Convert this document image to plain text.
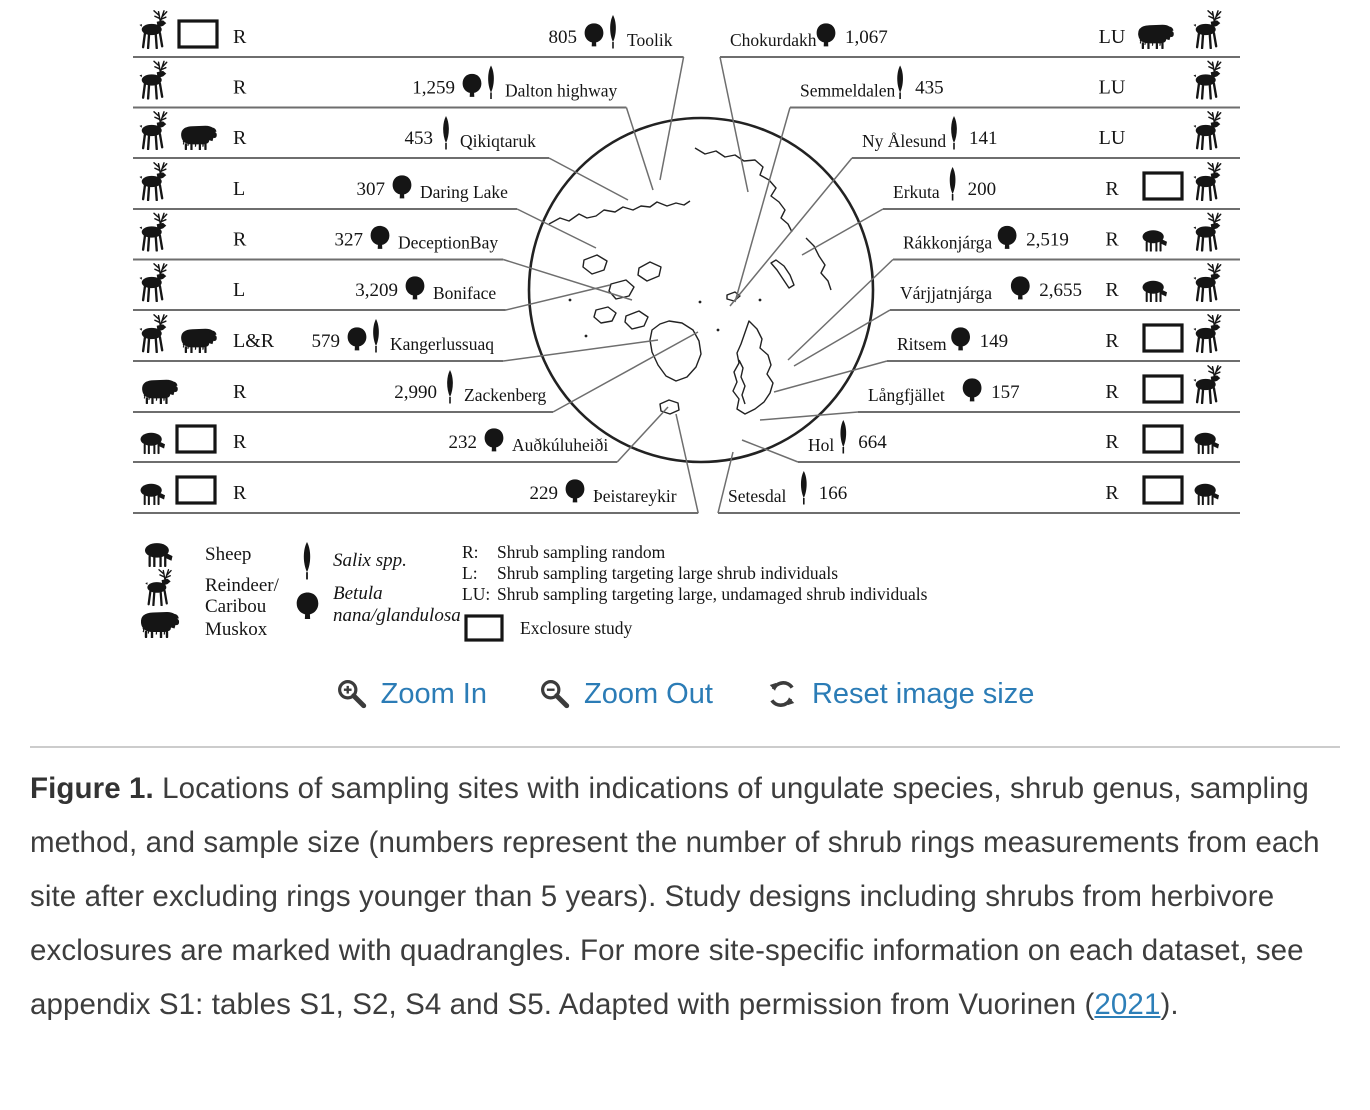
R	805	Toolik
R	1,259	Dalton highway
R	453 Qikiqtaruk
L	307 Daring Lake
R	327 DeceptionBay
L	3,209 Boniface
L&R 579	Kangerlussuaq
R	2,990 Zackenberg
R	232 Auðkúluheiði
R	229 Þeistareykir
Chokurdakh 1,067	LU
Semmeldalen 435	LU
Ny Ålesund 141	LU
Erkuta 200	R
Rákkonjárga 2,519 R
Várjjatnjárga 2,655 R
Ritsem 149	R
Långfjället 157	R
Hol 664	R
Setesdal 166	R
Sheep
Reindeer/
Caribou
Muskox
Salix spp.
Betula
nana/glandulosa
R: Shrub sampling random
L: Shrub sampling targeting large shrub individuals
LU: Shrub sampling targeting large, undamaged shrub individuals
Exclosure study
Zoom In	Zoom Out	Reset image size

Figure 1. Locations of sampling sites with indications of ungulate species, shrub genus, sampling method, and sample size (numbers represent the number of shrub rings measurements from each site after excluding rings younger than 5 years). Study designs including shrubs from herbivore exclosures are marked with quadrangles. For more site-specific information on each dataset, see appendix S1: tables S1, S2, S4 and S5. Adapted with permission from Vuorinen (2021).
